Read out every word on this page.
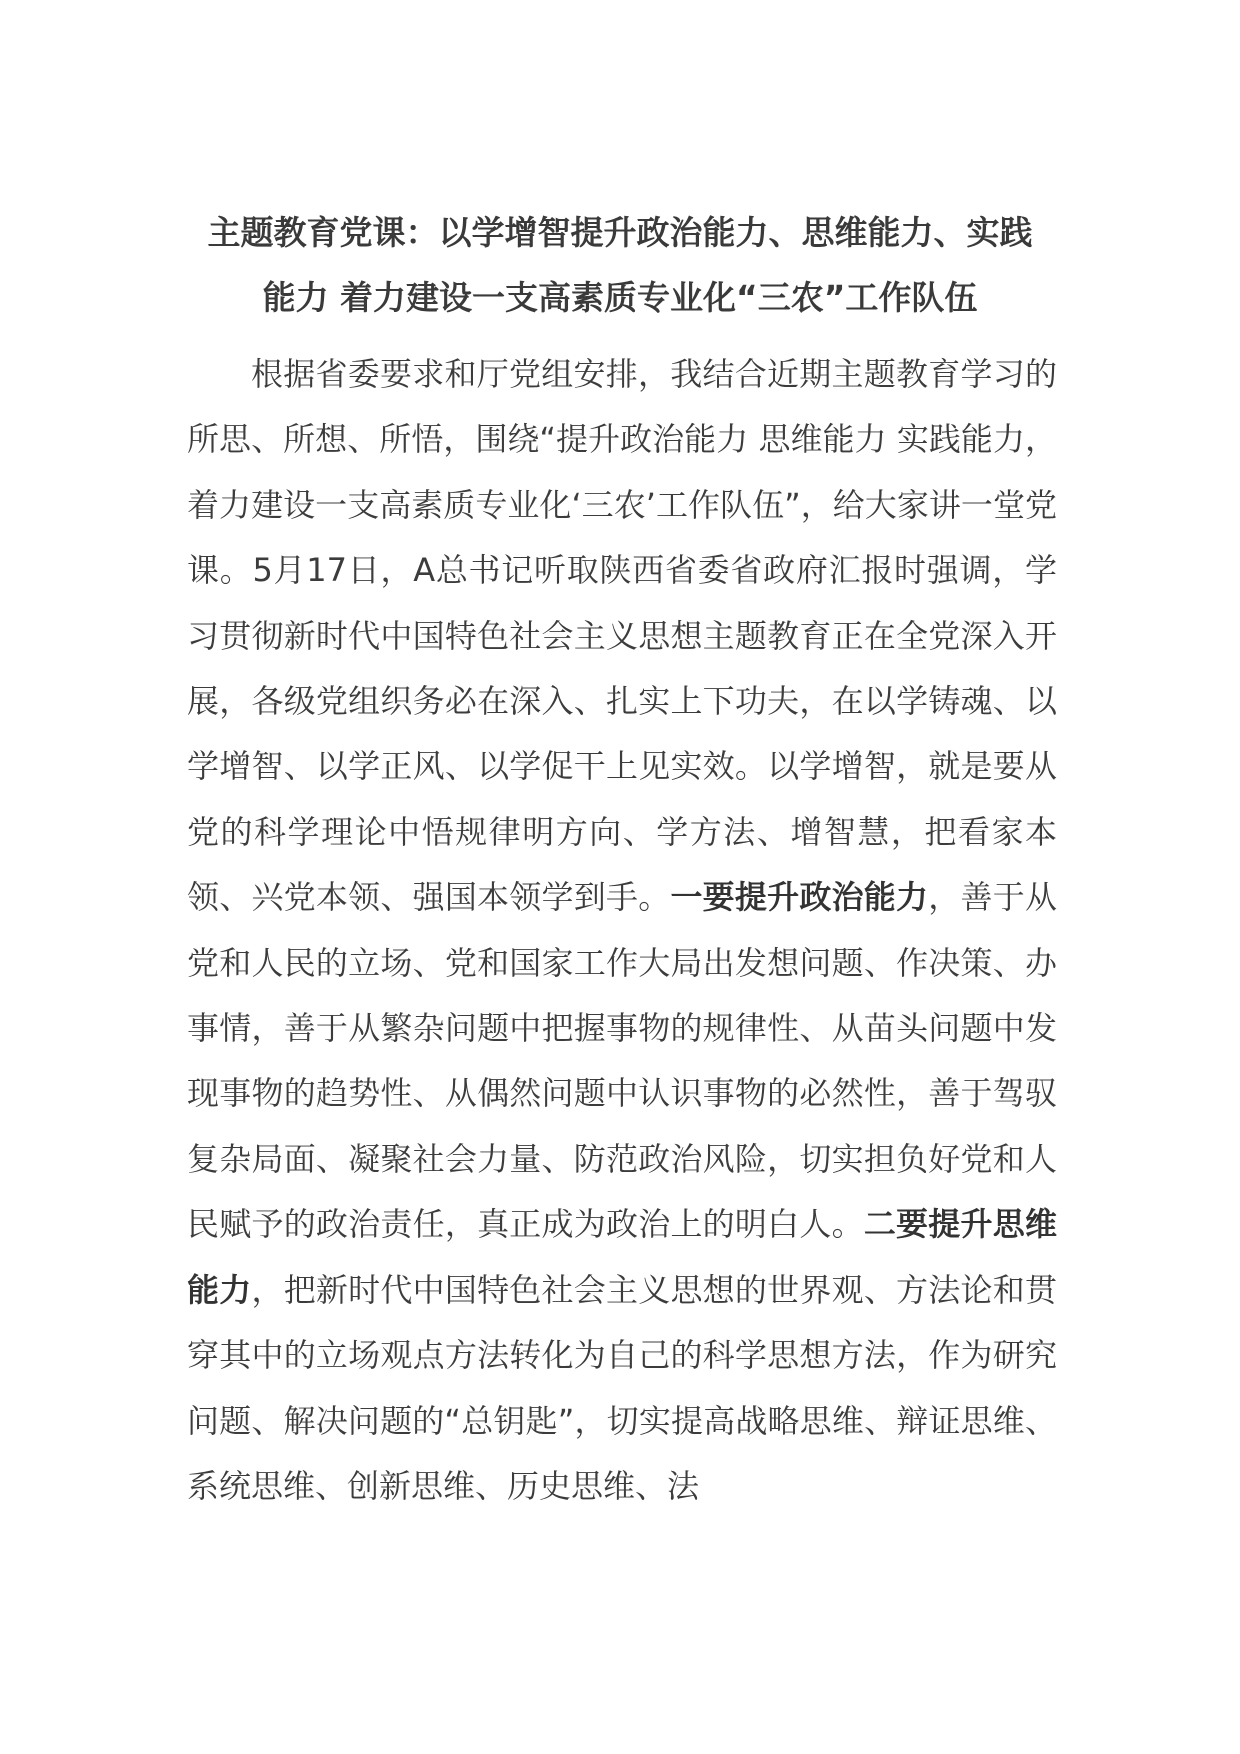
主题教育党课：以学增智提升政治能力、思维能力、实践
能力 着力建设一支高素质专业化“三农”工作队伍

根据省委要求和厅党组安排，我结合近期主题教育学习的所思、所想、所悟，围绕“提升政治能力 思维能力 实践能力，着力建设一支高素质专业化‘三农’工作队伍”，给大家讲一堂党课。5月17日，A总书记听取陕西省委省政府汇报时强调，学习贯彻新时代中国特色社会主义思想主题教育正在全党深入开展，各级党组织务必在深入、扎实上下功夫，在以学铸魂、以学增智、以学正风、以学促干上见实效。以学增智，就是要从党的科学理论中悟规律明方向、学方法、增智慧，把看家本领、兴党本领、强国本领学到手。一要提升政治能力，善于从党和人民的立场、党和国家工作大局出发想问题、作决策、办事情，善于从繁杂问题中把握事物的规律性、从苗头问题中发现事物的趋势性、从偶然问题中认识事物的必然性，善于驾驭复杂局面、凝聚社会力量、防范政治风险，切实担负好党和人民赋予的政治责任，真正成为政治上的明白人。二要提升思维能力，把新时代中国特色社会主义思想的世界观、方法论和贯穿其中的立场观点方法转化为自己的科学思想方法，作为研究问题、解决问题的“总钥匙”，切实提高战略思维、辩证思维、系统思维、创新思维、历史思维、法
